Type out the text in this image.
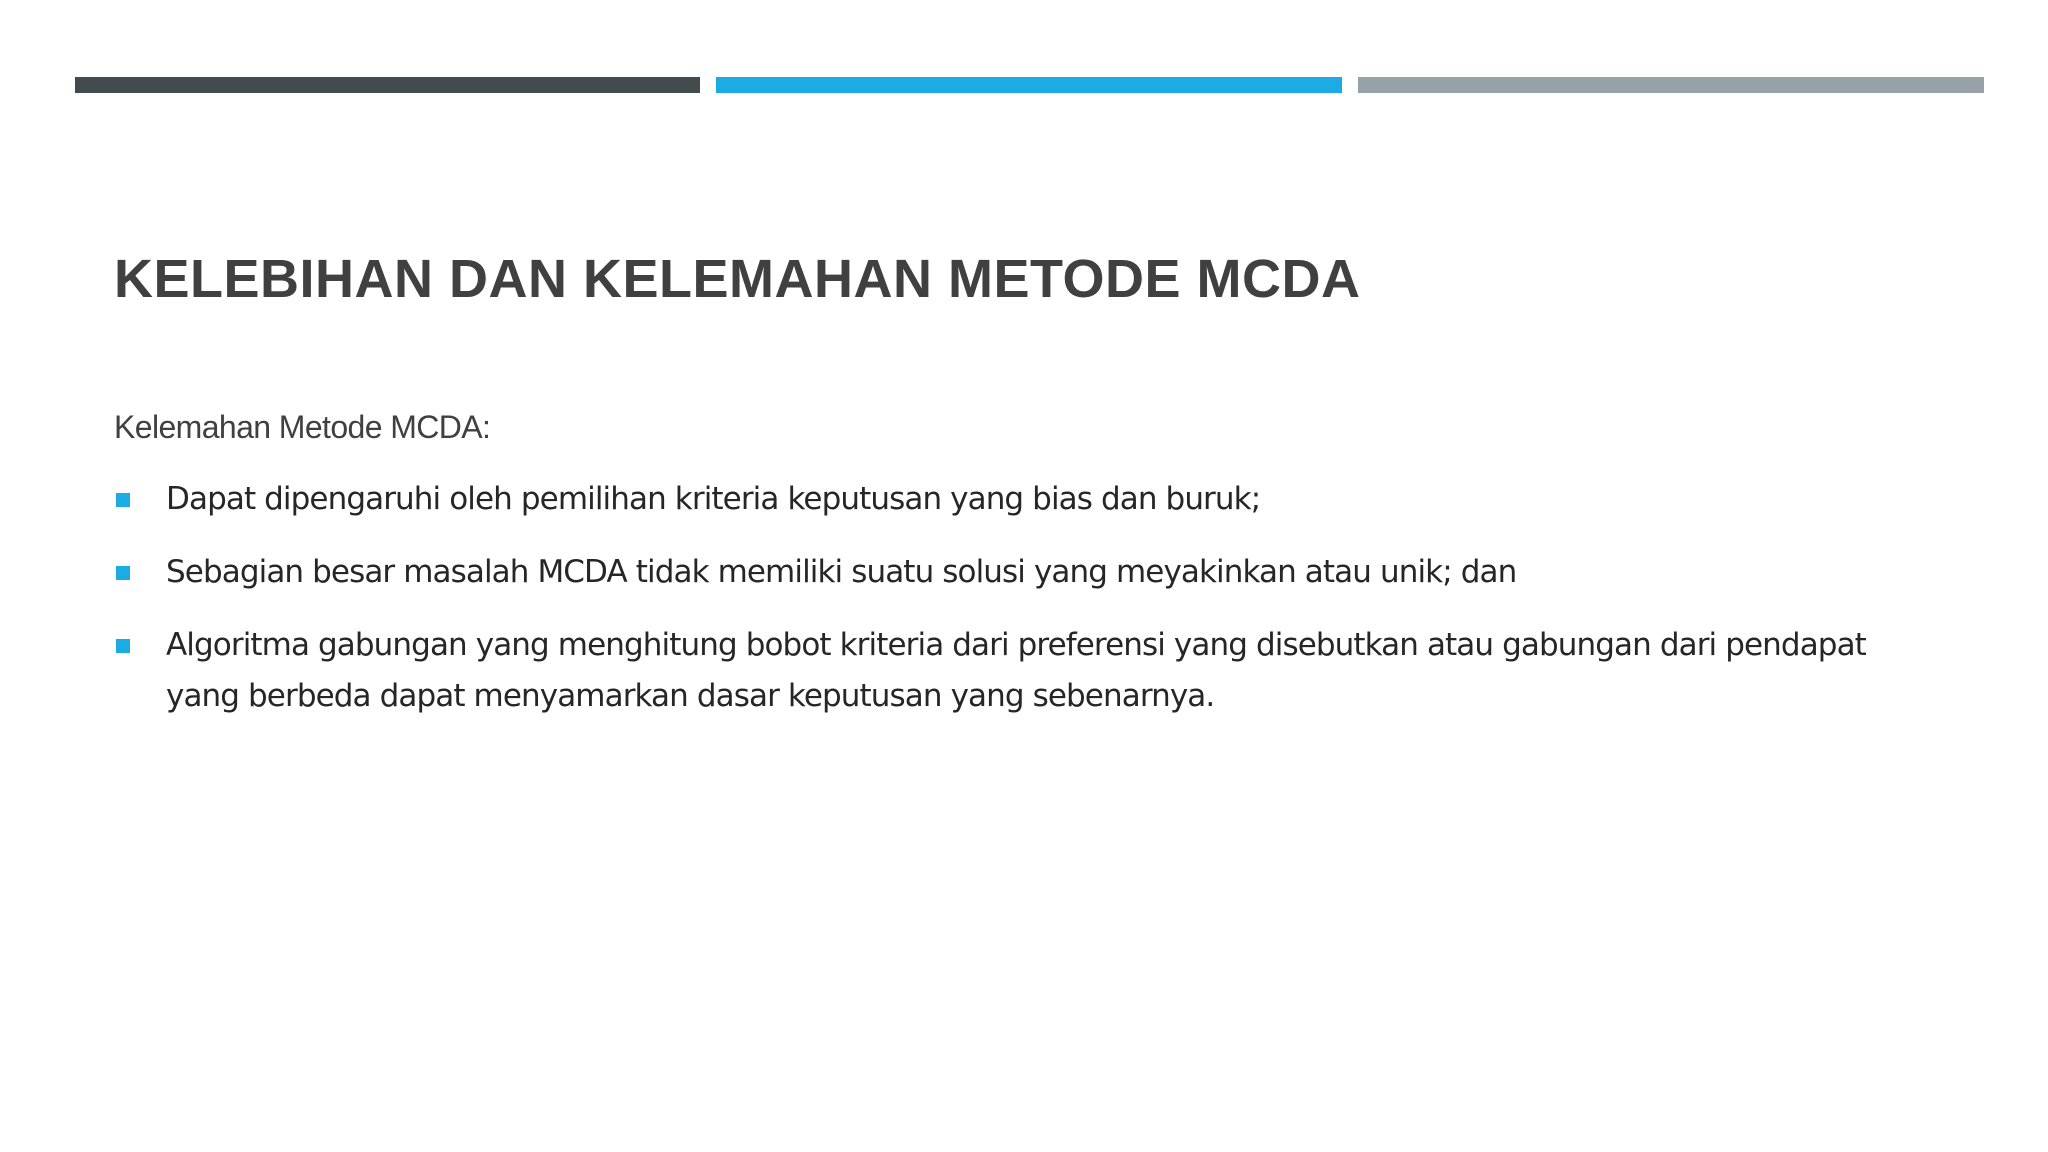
KELEBIHAN DAN KELEMAHAN METODE MCDA

Kelemahan Metode MCDA:

Dapat dipengaruhi oleh pemilihan kriteria keputusan yang bias dan buruk;
Sebagian besar masalah MCDA tidak memiliki suatu solusi yang meyakinkan atau unik; dan
Algoritma gabungan yang menghitung bobot kriteria dari preferensi yang disebutkan atau gabungan dari pendapat yang berbeda dapat menyamarkan dasar keputusan yang sebenarnya.
